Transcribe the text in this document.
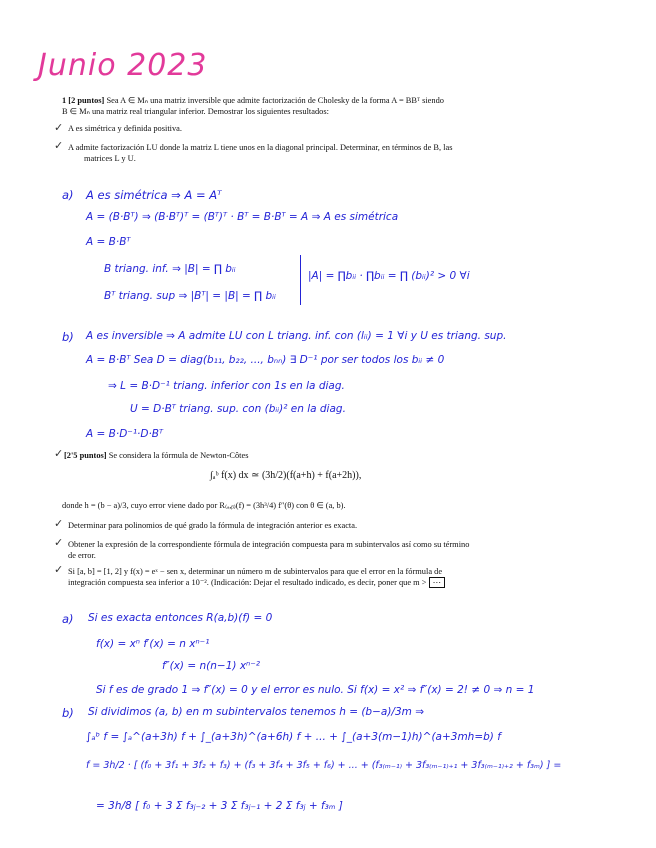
Junio 2023
1 [2 puntos] Sea A ∈ Mₙ una matriz inversible que admite factorización de Cholesky de la forma A = BBᵀ siendo
B ∈ Mₙ una matriz real triangular inferior. Demostrar los siguientes resultados:
✓ A es simétrica y definida positiva.
✓ A admite factorización LU donde la matriz L tiene unos en la diagonal principal. Determinar, en términos de B, las
matrices L y U.
a) A es simétrica ⇒ A = Aᵀ
A = (B·Bᵀ) ⇒ (B·Bᵀ)ᵀ = (Bᵀ)ᵀ · Bᵀ = B·Bᵀ = A ⇒ A es simétrica
A = B·Bᵀ
B triang. inf. ⇒ |B| = ∏ bᵢᵢ
Bᵀ triang. sup ⇒ |Bᵀ| = |B| = ∏ bᵢᵢ
|A| = ∏bᵢᵢ · ∏bᵢᵢ = ∏ (bᵢᵢ)² > 0 ∀i
b) A es inversible ⇒ A admite LU con L triang. inf. con (lᵢᵢ) = 1 ∀i y U es triang. sup.
A = B·Bᵀ Sea D = diag(b₁₁, b₂₂, ..., bₙₙ) ∃ D⁻¹ por ser todos los bᵢᵢ ≠ 0
⇒ L = B·D⁻¹ triang. inferior con 1s en la diag.
U = D·Bᵀ triang. sup. con (bᵢᵢ)² en la diag.
A = B·D⁻¹·D·Bᵀ
✓ [2'5 puntos] Se considera la fórmula de Newton-Côtes
∫ₐᵇ f(x) dx ≃ (3h/2)(f(a+h) + f(a+2h)),
donde h = (b − a)/3, cuyo error viene dado por R₍ₐ,ᵦ₎(f) = (3h³/4) f″(θ) con θ ∈ (a, b).
✓ Determinar para polinomios de qué grado la fórmula de integración anterior es exacta.
✓ Obtener la expresión de la correspondiente fórmula de integración compuesta para m subintervalos así como su término
de error.
✓ Si [a, b] = [1, 2] y f(x) = eˣ − sen x, determinar un número m de subintervalos para que el error en la fórmula de
integración compuesta sea inferior a 10⁻². (Indicación: Dejar el resultado indicado, es decir, poner que m > ⋯
a) Si es exacta entonces R(a,b)(f) = 0
f(x) = xⁿ f′(x) = n xⁿ⁻¹
f″(x) = n(n−1) xⁿ⁻²
Si f es de grado 1 ⇒ f″(x) = 0 y el error es nulo. Si f(x) = x² ⇒ f″(x) = 2! ≠ 0 ⇒ n = 1
b) Si dividimos (a, b) en m subintervalos tenemos h = (b−a)/3m ⇒
∫ₐᵇ f = ∫ₐ^(a+3h) f + ∫_(a+3h)^(a+6h) f + ... + ∫_(a+3(m−1)h)^(a+3mh=b) f
f = 3h/2 · [ (f₀ + 3f₁ + 3f₂ + f₃) + (f₃ + 3f₄ + 3f₅ + f₆) + ... + (f₃₍ₘ₋₁₎ + 3f₃₍ₘ₋₁₎₊₁ + 3f₃₍ₘ₋₁₎₊₂ + f₃ₘ) ] =
= 3h/8 [ f₀ + 3 Σ f₃ⱼ₋₂ + 3 Σ f₃ⱼ₋₁ + 2 Σ f₃ⱼ + f₃ₘ ]
